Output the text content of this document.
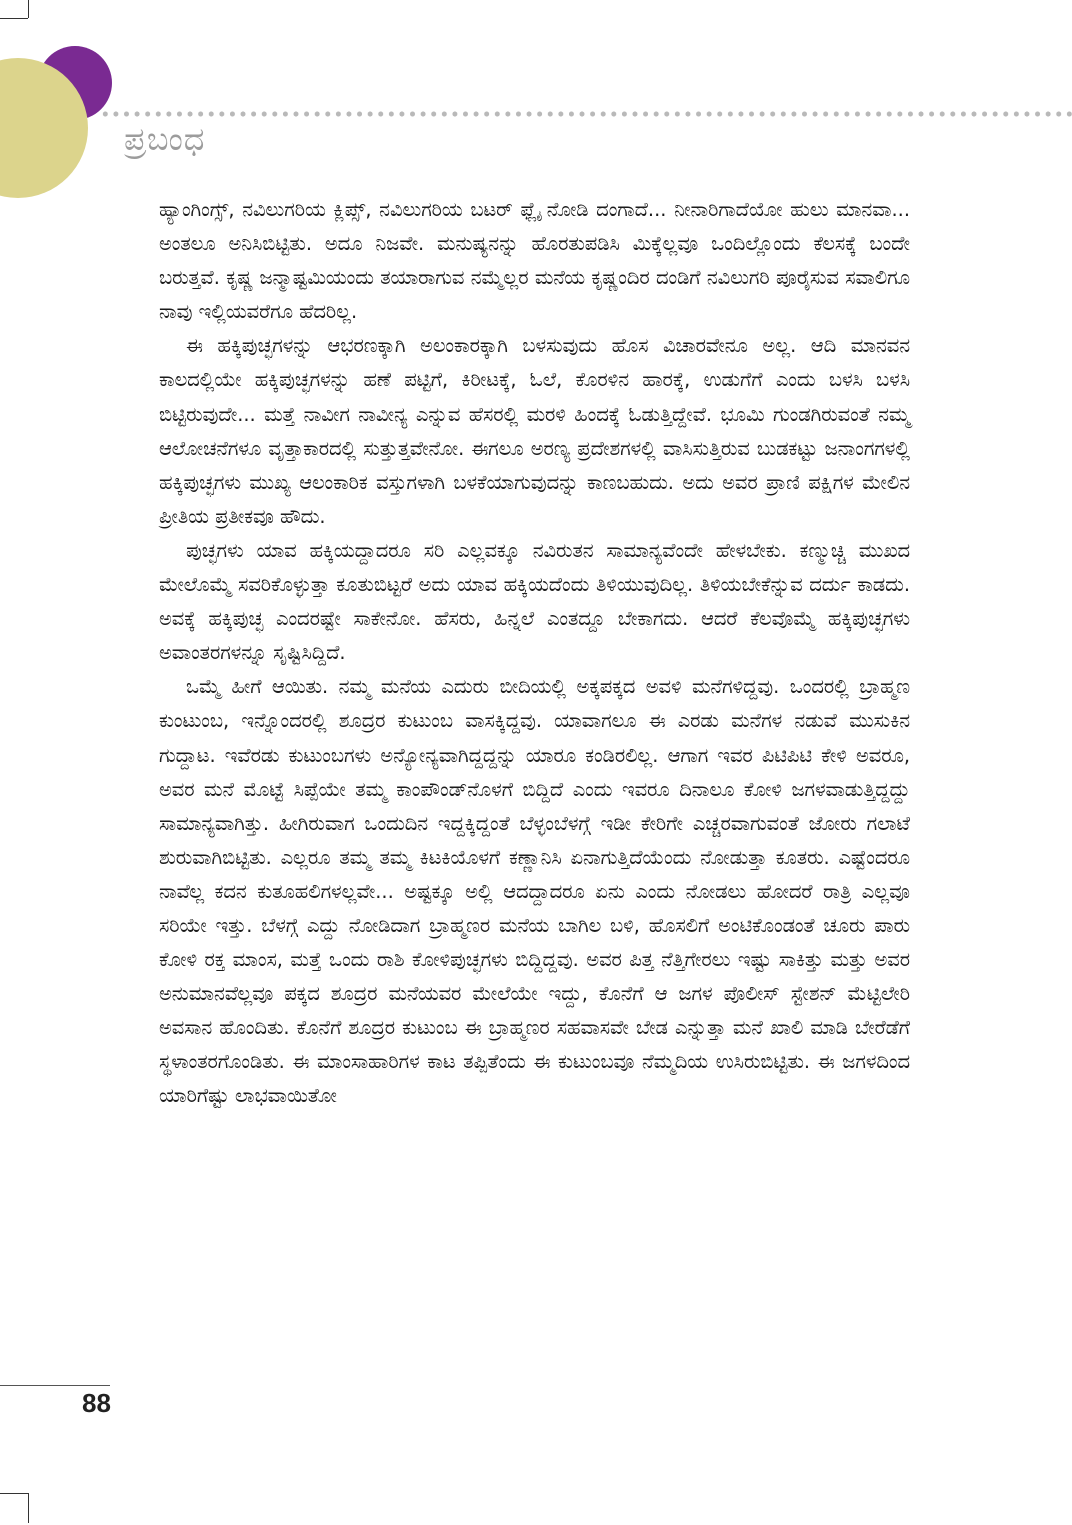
ಪ್ರಬಂಧ

ಹ್ಯಾಂಗಿಂಗ್ಸ್, ನವಿಲುಗರಿಯ ಕ್ಲಿಪ್ಸ್, ನವಿಲುಗರಿಯ ಬಟರ್ ಫ್ಲೈ ನೋಡಿ ದಂಗಾದೆ... ನೀನಾರಿಗಾದೆಯೋ ಹುಲು ಮಾನವಾ... ಅಂತಲೂ ಅನಿಸಿಬಿಟ್ಟಿತು. ಅದೂ ನಿಜವೇ. ಮನುಷ್ಯನನ್ನು ಹೊರತುಪಡಿಸಿ ಮಿಕ್ಕೆಲ್ಲವೂ ಒಂದಿಲ್ಲೊಂದು ಕೆಲಸಕ್ಕೆ ಬಂದೇ ಬರುತ್ತವೆ. ಕೃಷ್ಣ ಜನ್ಮಾಷ್ಟಮಿಯಂದು ತಯಾರಾಗುವ ನಮ್ಮೆಲ್ಲರ ಮನೆಯ ಕೃಷ್ಣಂದಿರ ದಂಡಿಗೆ ನವಿಲುಗರಿ ಪೂರೈಸುವ ಸವಾಲಿಗೂ ನಾವು ಇಲ್ಲಿಯವರೆಗೂ ಹೆದರಿಲ್ಲ.

ಈ ಹಕ್ಕಿಪುಚ್ಛಗಳನ್ನು ಆಭರಣಕ್ಕಾಗಿ ಅಲಂಕಾರಕ್ಕಾಗಿ ಬಳಸುವುದು ಹೊಸ ವಿಚಾರವೇನೂ ಅಲ್ಲ. ಆದಿ ಮಾನವನ ಕಾಲದಲ್ಲಿಯೇ ಹಕ್ಕಿಪುಚ್ಛಗಳನ್ನು ಹಣೆ ಪಟ್ಟಿಗೆ, ಕಿರೀಟಕ್ಕೆ, ಓಲೆ, ಕೊರಳಿನ ಹಾರಕ್ಕೆ, ಉಡುಗೆಗೆ ಎಂದು ಬಳಸಿ ಬಳಸಿ ಬಿಟ್ಟಿರುವುದೇ... ಮತ್ತೆ ನಾವೀಗ ನಾವೀನ್ಯ ಎನ್ನುವ ಹೆಸರಲ್ಲಿ ಮರಳಿ ಹಿಂದಕ್ಕೆ ಓಡುತ್ತಿದ್ದೇವೆ. ಭೂಮಿ ಗುಂಡಗಿರುವಂತೆ ನಮ್ಮ ಆಲೋಚನೆಗಳೂ ವೃತ್ತಾಕಾರದಲ್ಲಿ ಸುತ್ತುತ್ತವೇನೋ. ಈಗಲೂ ಅರಣ್ಯ ಪ್ರದೇಶಗಳಲ್ಲಿ ವಾಸಿಸುತ್ತಿರುವ ಬುಡಕಟ್ಟು ಜನಾಂಗಗಳಲ್ಲಿ ಹಕ್ಕಿಪುಚ್ಛಗಳು ಮುಖ್ಯ ಆಲಂಕಾರಿಕ ವಸ್ತುಗಳಾಗಿ ಬಳಕೆಯಾಗುವುದನ್ನು ಕಾಣಬಹುದು. ಅದು ಅವರ ಪ್ರಾಣಿ ಪಕ್ಷಿಗಳ ಮೇಲಿನ ಪ್ರೀತಿಯ ಪ್ರತೀಕವೂ ಹೌದು.

ಪುಚ್ಛಗಳು ಯಾವ ಹಕ್ಕಿಯದ್ದಾದರೂ ಸರಿ ಎಲ್ಲವಕ್ಕೂ ನವಿರುತನ ಸಾಮಾನ್ಯವೆಂದೇ ಹೇಳಬೇಕು. ಕಣ್ಮುಚ್ಚಿ ಮುಖದ ಮೇಲೊಮ್ಮೆ ಸವರಿಕೊಳ್ಳುತ್ತಾ ಕೂತುಬಿಟ್ಟರೆ ಅದು ಯಾವ ಹಕ್ಕಿಯದೆಂದು ತಿಳಿಯುವುದಿಲ್ಲ. ತಿಳಿಯಬೇಕೆನ್ನುವ ದರ್ದು ಕಾಡದು. ಅವಕ್ಕೆ ಹಕ್ಕಿಪುಚ್ಛ ಎಂದರಷ್ಟೇ ಸಾಕೇನೋ. ಹೆಸರು, ಹಿನ್ನಲೆ ಎಂತದ್ದೂ ಬೇಕಾಗದು. ಆದರೆ ಕೆಲವೊಮ್ಮೆ ಹಕ್ಕಿಪುಚ್ಛಗಳು ಅವಾಂತರಗಳನ್ನೂ ಸೃಷ್ಟಿಸಿದ್ದಿದೆ.

ಒಮ್ಮೆ ಹೀಗೆ ಆಯಿತು. ನಮ್ಮ ಮನೆಯ ಎದುರು ಬೀದಿಯಲ್ಲಿ ಅಕ್ಕಪಕ್ಕದ ಅವಳಿ ಮನೆಗಳಿದ್ದವು. ಒಂದರಲ್ಲಿ ಬ್ರಾಹ್ಮಣ ಕುಂಟುಂಬ, ಇನ್ನೊಂದರಲ್ಲಿ ಶೂದ್ರರ ಕುಟುಂಬ ವಾಸಕ್ಕಿದ್ದವು. ಯಾವಾಗಲೂ ಈ ಎರಡು ಮನೆಗಳ ನಡುವೆ ಮುಸುಕಿನ ಗುದ್ದಾಟ. ಇವೆರಡು ಕುಟುಂಬಗಳು ಅನ್ಯೋನ್ಯವಾಗಿದ್ದದ್ದನ್ನು ಯಾರೂ ಕಂಡಿರಲಿಲ್ಲ. ಆಗಾಗ ಇವರ ಪಿಟಿಪಿಟಿ ಕೇಳಿ ಅವರೂ, ಅವರ ಮನೆ ಮೊಟ್ಟೆ ಸಿಪ್ಪೆಯೇ ತಮ್ಮ ಕಾಂಪೌಂಡ್‌ನೊಳಗೆ ಬಿದ್ದಿದೆ ಎಂದು ಇವರೂ ದಿನಾಲೂ ಕೋಳಿ ಜಗಳವಾಡುತ್ತಿದ್ದದ್ದು ಸಾಮಾನ್ಯವಾಗಿತ್ತು. ಹೀಗಿರುವಾಗ ಒಂದುದಿನ ಇದ್ದಕ್ಕಿದ್ದಂತೆ ಬೆಳ್ಳಂಬೆಳಗ್ಗೆ ಇಡೀ ಕೇರಿಗೇ ಎಚ್ಚರವಾಗುವಂತೆ ಜೋರು ಗಲಾಟೆ ಶುರುವಾಗಿಬಿಟ್ಟಿತು. ಎಲ್ಲರೂ ತಮ್ಮ ತಮ್ಮ ಕಿಟಕಿಯೊಳಗೆ ಕಣ್ಣಾನಿಸಿ ಏನಾಗುತ್ತಿದೆಯೆಂದು ನೋಡುತ್ತಾ ಕೂತರು. ಎಷ್ಟೆಂದರೂ ನಾವೆಲ್ಲ ಕದನ ಕುತೂಹಲಿಗಳಲ್ಲವೇ... ಅಷ್ಟಕ್ಕೂ ಅಲ್ಲಿ ಆದದ್ದಾದರೂ ಏನು ಎಂದು ನೋಡಲು ಹೋದರೆ ರಾತ್ರಿ ಎಲ್ಲವೂ ಸರಿಯೇ ಇತ್ತು. ಬೆಳಗ್ಗೆ ಎದ್ದು ನೋಡಿದಾಗ ಬ್ರಾಹ್ಮಣರ ಮನೆಯ ಬಾಗಿಲ ಬಳಿ, ಹೊಸಲಿಗೆ ಅಂಟಿಕೊಂಡಂತೆ ಚೂರು ಪಾರು ಕೋಳಿ ರಕ್ತ ಮಾಂಸ, ಮತ್ತೆ ಒಂದು ರಾಶಿ ಕೋಳಿಪುಚ್ಛಗಳು ಬಿದ್ದಿದ್ದವು. ಅವರ ಪಿತ್ತ ನೆತ್ತಿಗೇರಲು ಇಷ್ಟು ಸಾಕಿತ್ತು ಮತ್ತು ಅವರ ಅನುಮಾನವೆಲ್ಲವೂ ಪಕ್ಕದ ಶೂದ್ರರ ಮನೆಯವರ ಮೇಲೆಯೇ ಇದ್ದು, ಕೊನೆಗೆ ಆ ಜಗಳ ಪೊಲೀಸ್ ಸ್ಟೇಶನ್ ಮೆಟ್ಟಿಲೇರಿ ಅವಸಾನ ಹೊಂದಿತು. ಕೊನೆಗೆ ಶೂದ್ರರ ಕುಟುಂಬ ಈ ಬ್ರಾಹ್ಮಣರ ಸಹವಾಸವೇ ಬೇಡ ಎನ್ನುತ್ತಾ ಮನೆ ಖಾಲಿ ಮಾಡಿ ಬೇರೆಡೆಗೆ ಸ್ಥಳಾಂತರಗೊಂಡಿತು. ಈ ಮಾಂಸಾಹಾರಿಗಳ ಕಾಟ ತಪ್ಪಿತೆಂದು ಈ ಕುಟುಂಬವೂ ನೆಮ್ಮದಿಯ ಉಸಿರುಬಿಟ್ಟಿತು. ಈ ಜಗಳದಿಂದ ಯಾರಿಗೆಷ್ಟು ಲಾಭವಾಯಿತೋ

88
